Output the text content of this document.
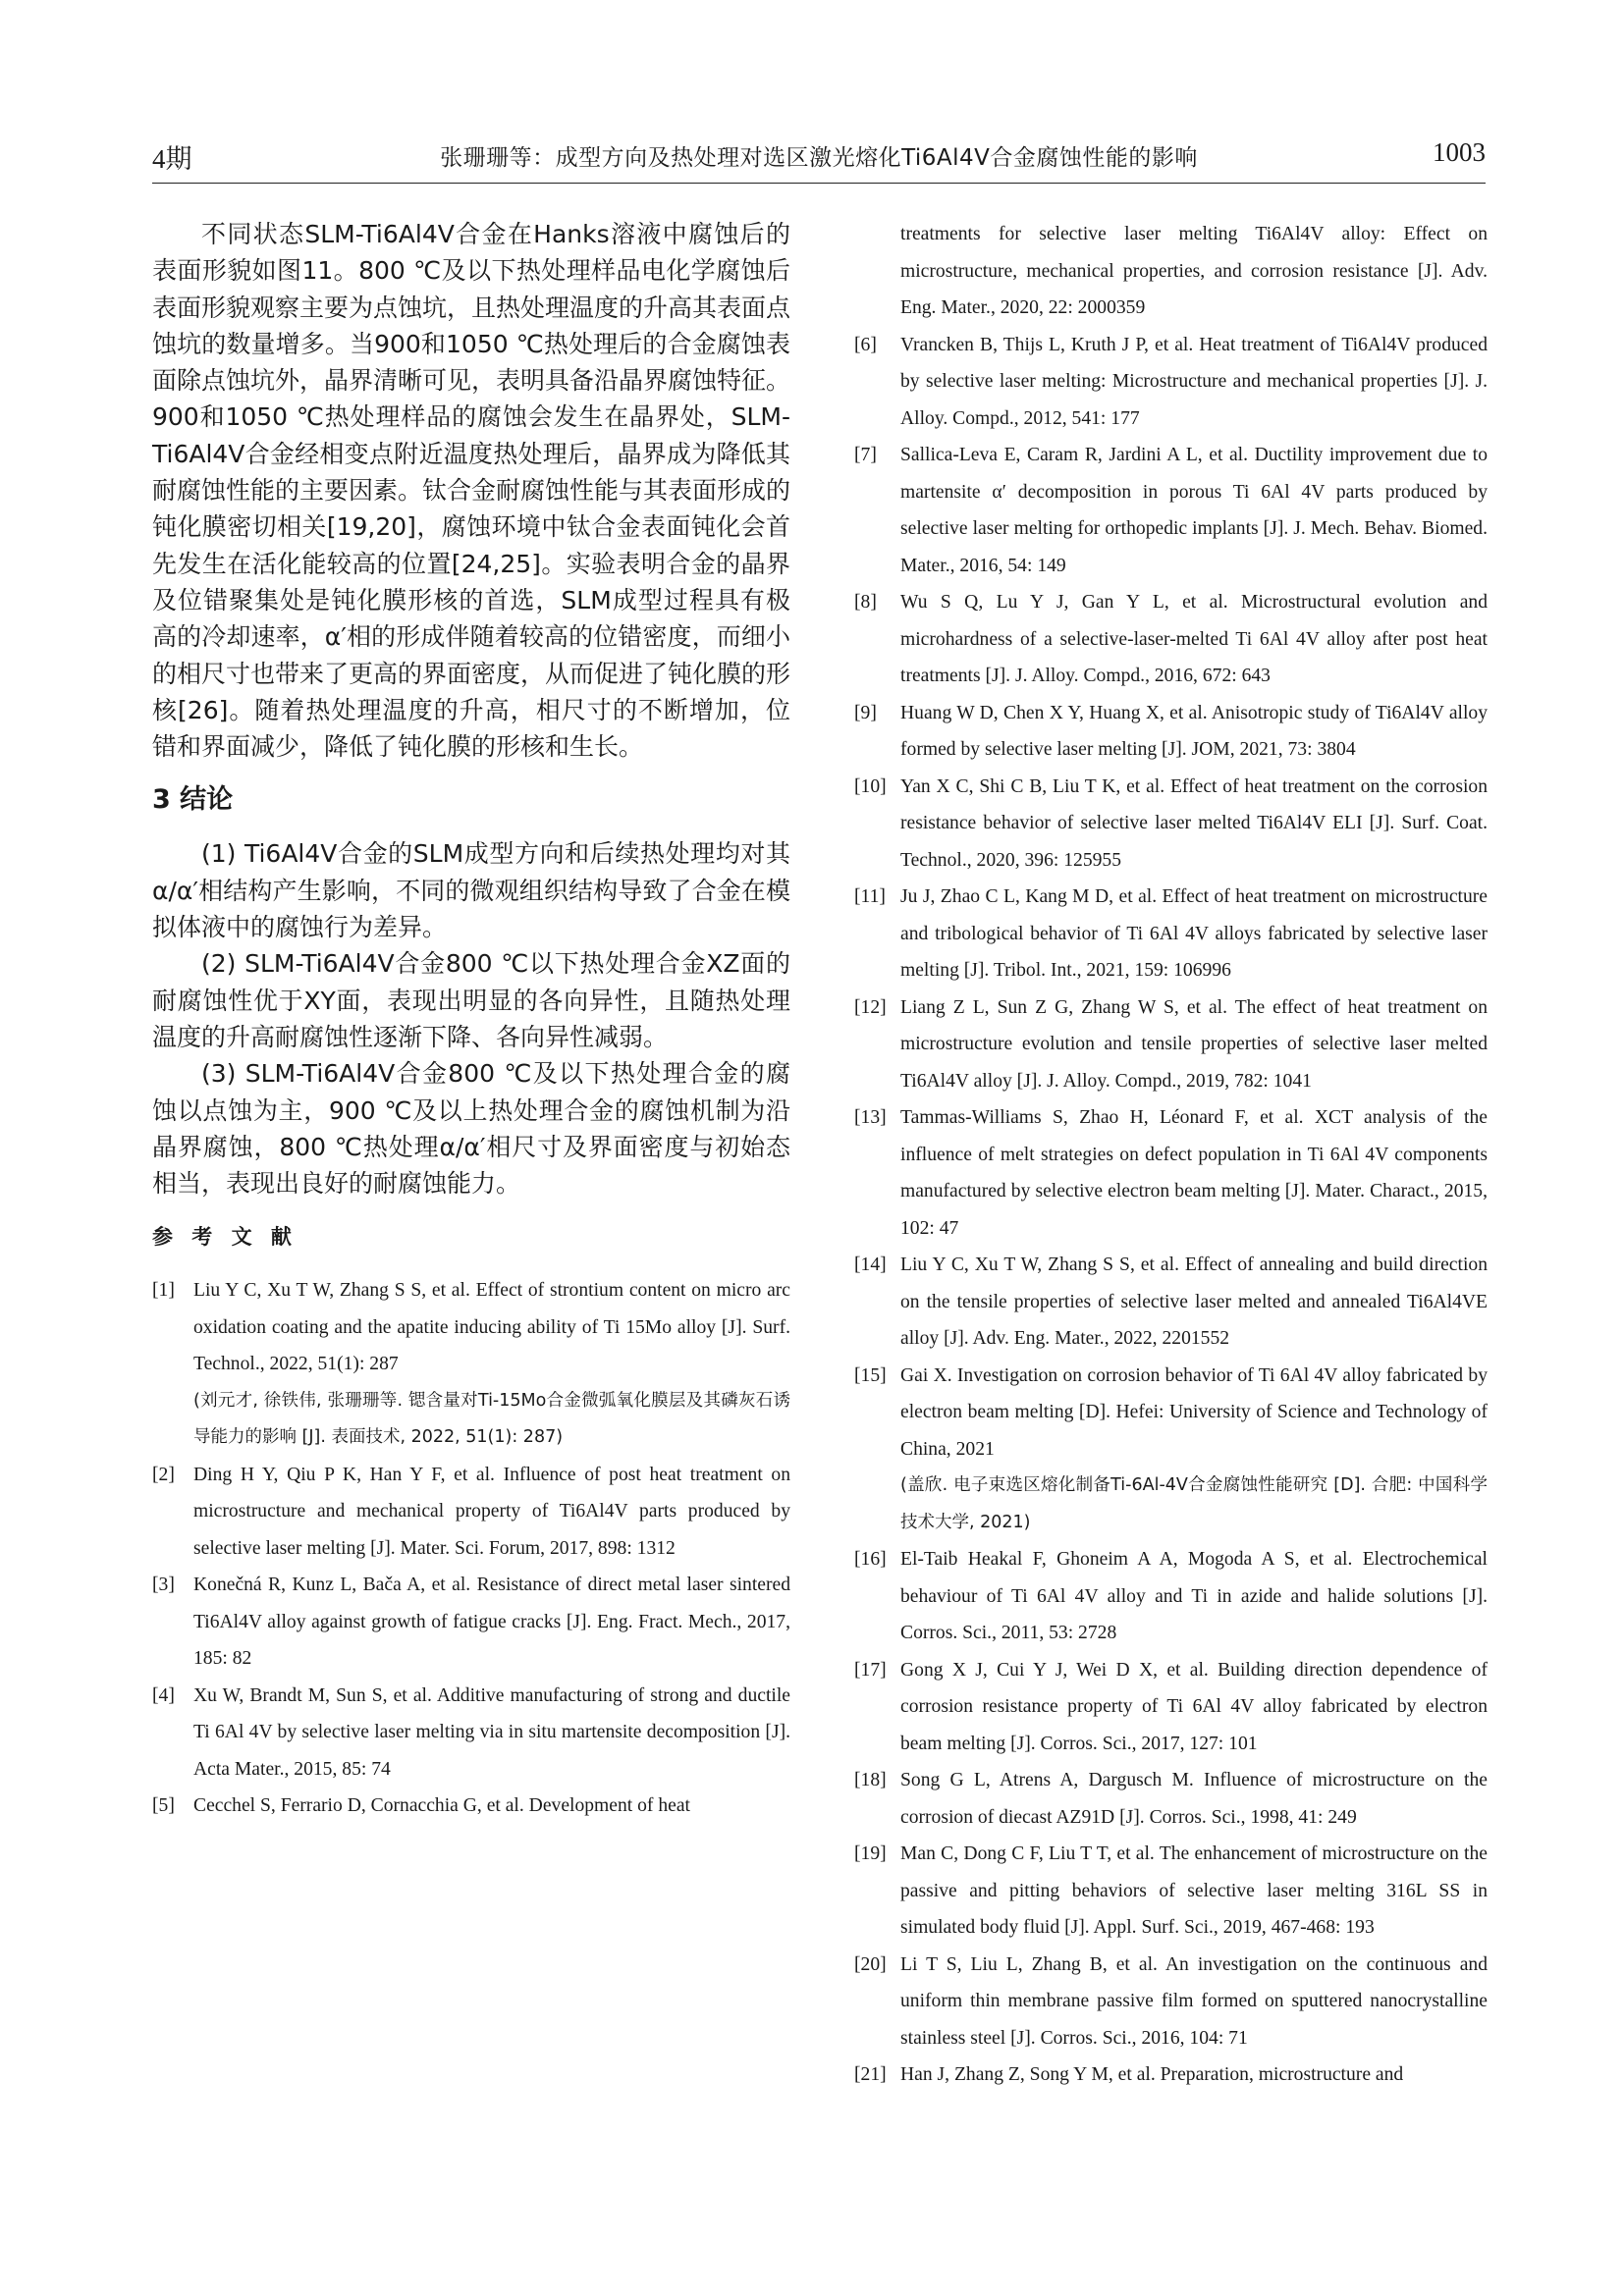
4期	张珊珊等：成型方向及热处理对选区激光熔化Ti6Al4V合金腐蚀性能的影响	1003

不同状态SLM-Ti6Al4V合金在Hanks溶液中腐蚀后的表面形貌如图11。800 ℃及以下热处理样品电化学腐蚀后表面形貌观察主要为点蚀坑，且热处理温度的升高其表面点蚀坑的数量增多。当900和1050 ℃热处理后的合金腐蚀表面除点蚀坑外，晶界清晰可见，表明具备沿晶界腐蚀特征。900和1050 ℃热处理样品的腐蚀会发生在晶界处，SLM-Ti6Al4V合金经相变点附近温度热处理后，晶界成为降低其耐腐蚀性能的主要因素。钛合金耐腐蚀性能与其表面形成的钝化膜密切相关[19,20]，腐蚀环境中钛合金表面钝化会首先发生在活化能较高的位置[24,25]。实验表明合金的晶界及位错聚集处是钝化膜形核的首选，SLM成型过程具有极高的冷却速率，α′相的形成伴随着较高的位错密度，而细小的相尺寸也带来了更高的界面密度，从而促进了钝化膜的形核[26]。随着热处理温度的升高，相尺寸的不断增加，位错和界面减少，降低了钝化膜的形核和生长。

3 结论

(1) Ti6Al4V合金的SLM成型方向和后续热处理均对其α/α′相结构产生影响，不同的微观组织结构导致了合金在模拟体液中的腐蚀行为差异。

(2) SLM-Ti6Al4V合金800 ℃以下热处理合金XZ面的耐腐蚀性优于XY面，表现出明显的各向异性，且随热处理温度的升高耐腐蚀性逐渐下降、各向异性减弱。

(3) SLM-Ti6Al4V合金800 ℃及以下热处理合金的腐蚀以点蚀为主，900 ℃及以上热处理合金的腐蚀机制为沿晶界腐蚀，800 ℃热处理α/α′相尺寸及界面密度与初始态相当，表现出良好的耐腐蚀能力。

参 考 文 献

[1] Liu Y C, Xu T W, Zhang S S, et al. Effect of strontium content on micro arc oxidation coating and the apatite inducing ability of Ti 15Mo alloy [J]. Surf. Technol., 2022, 51(1): 287
(刘元才, 徐铁伟, 张珊珊等. 锶含量对Ti-15Mo合金微弧氧化膜层及其磷灰石诱导能力的影响 [J]. 表面技术, 2022, 51(1): 287)

[2] Ding H Y, Qiu P K, Han Y F, et al. Influence of post heat treatment on microstructure and mechanical property of Ti6Al4V parts produced by selective laser melting [J]. Mater. Sci. Forum, 2017, 898: 1312

[3] Konečná R, Kunz L, Bača A, et al. Resistance of direct metal laser sintered Ti6Al4V alloy against growth of fatigue cracks [J]. Eng. Fract. Mech., 2017, 185: 82

[4] Xu W, Brandt M, Sun S, et al. Additive manufacturing of strong and ductile Ti 6Al 4V by selective laser melting via in situ martensite decomposition [J]. Acta Mater., 2015, 85: 74

[5] Cecchel S, Ferrario D, Cornacchia G, et al. Development of heat

treatments for selective laser melting Ti6Al4V alloy: Effect on microstructure, mechanical properties, and corrosion resistance [J]. Adv. Eng. Mater., 2020, 22: 2000359

[6] Vrancken B, Thijs L, Kruth J P, et al. Heat treatment of Ti6Al4V produced by selective laser melting: Microstructure and mechanical properties [J]. J. Alloy. Compd., 2012, 541: 177

[7] Sallica-Leva E, Caram R, Jardini A L, et al. Ductility improvement due to martensite α′ decomposition in porous Ti 6Al 4V parts produced by selective laser melting for orthopedic implants [J]. J. Mech. Behav. Biomed. Mater., 2016, 54: 149

[8] Wu S Q, Lu Y J, Gan Y L, et al. Microstructural evolution and microhardness of a selective-laser-melted Ti 6Al 4V alloy after post heat treatments [J]. J. Alloy. Compd., 2016, 672: 643

[9] Huang W D, Chen X Y, Huang X, et al. Anisotropic study of Ti6Al4V alloy formed by selective laser melting [J]. JOM, 2021, 73: 3804

[10] Yan X C, Shi C B, Liu T K, et al. Effect of heat treatment on the corrosion resistance behavior of selective laser melted Ti6Al4V ELI [J]. Surf. Coat. Technol., 2020, 396: 125955

[11] Ju J, Zhao C L, Kang M D, et al. Effect of heat treatment on microstructure and tribological behavior of Ti 6Al 4V alloys fabricated by selective laser melting [J]. Tribol. Int., 2021, 159: 106996

[12] Liang Z L, Sun Z G, Zhang W S, et al. The effect of heat treatment on microstructure evolution and tensile properties of selective laser melted Ti6Al4V alloy [J]. J. Alloy. Compd., 2019, 782: 1041

[13] Tammas-Williams S, Zhao H, Léonard F, et al. XCT analysis of the influence of melt strategies on defect population in Ti 6Al 4V components manufactured by selective electron beam melting [J]. Mater. Charact., 2015, 102: 47

[14] Liu Y C, Xu T W, Zhang S S, et al. Effect of annealing and build direction on the tensile properties of selective laser melted and annealed Ti6Al4VE alloy [J]. Adv. Eng. Mater., 2022, 2201552

[15] Gai X. Investigation on corrosion behavior of Ti 6Al 4V alloy fabricated by electron beam melting [D]. Hefei: University of Science and Technology of China, 2021
(盖欣. 电子束选区熔化制备Ti-6Al-4V合金腐蚀性能研究 [D]. 合肥: 中国科学技术大学, 2021)

[16] El-Taib Heakal F, Ghoneim A A, Mogoda A S, et al. Electrochemical behaviour of Ti 6Al 4V alloy and Ti in azide and halide solutions [J]. Corros. Sci., 2011, 53: 2728

[17] Gong X J, Cui Y J, Wei D X, et al. Building direction dependence of corrosion resistance property of Ti 6Al 4V alloy fabricated by electron beam melting [J]. Corros. Sci., 2017, 127: 101

[18] Song G L, Atrens A, Dargusch M. Influence of microstructure on the corrosion of diecast AZ91D [J]. Corros. Sci., 1998, 41: 249

[19] Man C, Dong C F, Liu T T, et al. The enhancement of microstructure on the passive and pitting behaviors of selective laser melting 316L SS in simulated body fluid [J]. Appl. Surf. Sci., 2019, 467-468: 193

[20] Li T S, Liu L, Zhang B, et al. An investigation on the continuous and uniform thin membrane passive film formed on sputtered nanocrystalline stainless steel [J]. Corros. Sci., 2016, 104: 71

[21] Han J, Zhang Z, Song Y M, et al. Preparation, microstructure and
